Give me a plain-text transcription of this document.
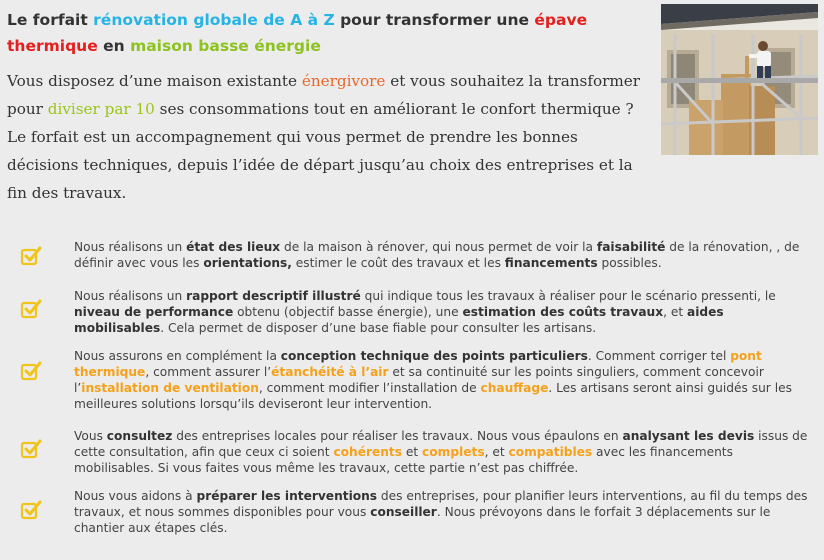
Le forfait rénovation globale de A à Z pour transformer une épave thermique en maison basse énergie
Vous disposez d’une maison existante énergivore et vous souhaitez la transformer pour diviser par 10 ses consommations tout en améliorant le confort thermique ? Le forfait est un accompagnement qui vous permet de prendre les bonnes décisions techniques, depuis l’idée de départ jusqu’au choix des entreprises et la fin des travaux.
Nous réalisons un état des lieux de la maison à rénover, qui nous permet de voir la faisabilité de la rénovation, , de définir avec vous les orientations, estimer le coût des travaux et les financements possibles.
Nous réalisons un rapport descriptif illustré qui indique tous les travaux à réaliser pour le scénario pressenti, le niveau de performance obtenu (objectif basse énergie), une estimation des coûts travaux, et aides mobilisables. Cela permet de disposer d’une base fiable pour consulter les artisans.
Nous assurons en complément la conception technique des points particuliers. Comment corriger tel pont thermique, comment assurer l’étanchéité à l’air et sa continuité sur les points singuliers, comment concevoir l’installation de ventilation, comment modifier l’installation de chauffage. Les artisans seront ainsi guidés sur les meilleures solutions lorsqu’ils deviseront leur intervention.
Vous consultez des entreprises locales pour réaliser les travaux. Nous vous épaulons en analysant les devis issus de cette consultation, afin que ceux ci soient cohérents et complets, et compatibles avec les financements mobilisables. Si vous faites vous même les travaux, cette partie n’est pas chiffrée.
Nous vous aidons à préparer les interventions des entreprises, pour planifier leurs interventions, au fil du temps des travaux, et nous sommes disponibles pour vous conseiller. Nous prévoyons dans le forfait 3 déplacements sur le chantier aux étapes clés.
